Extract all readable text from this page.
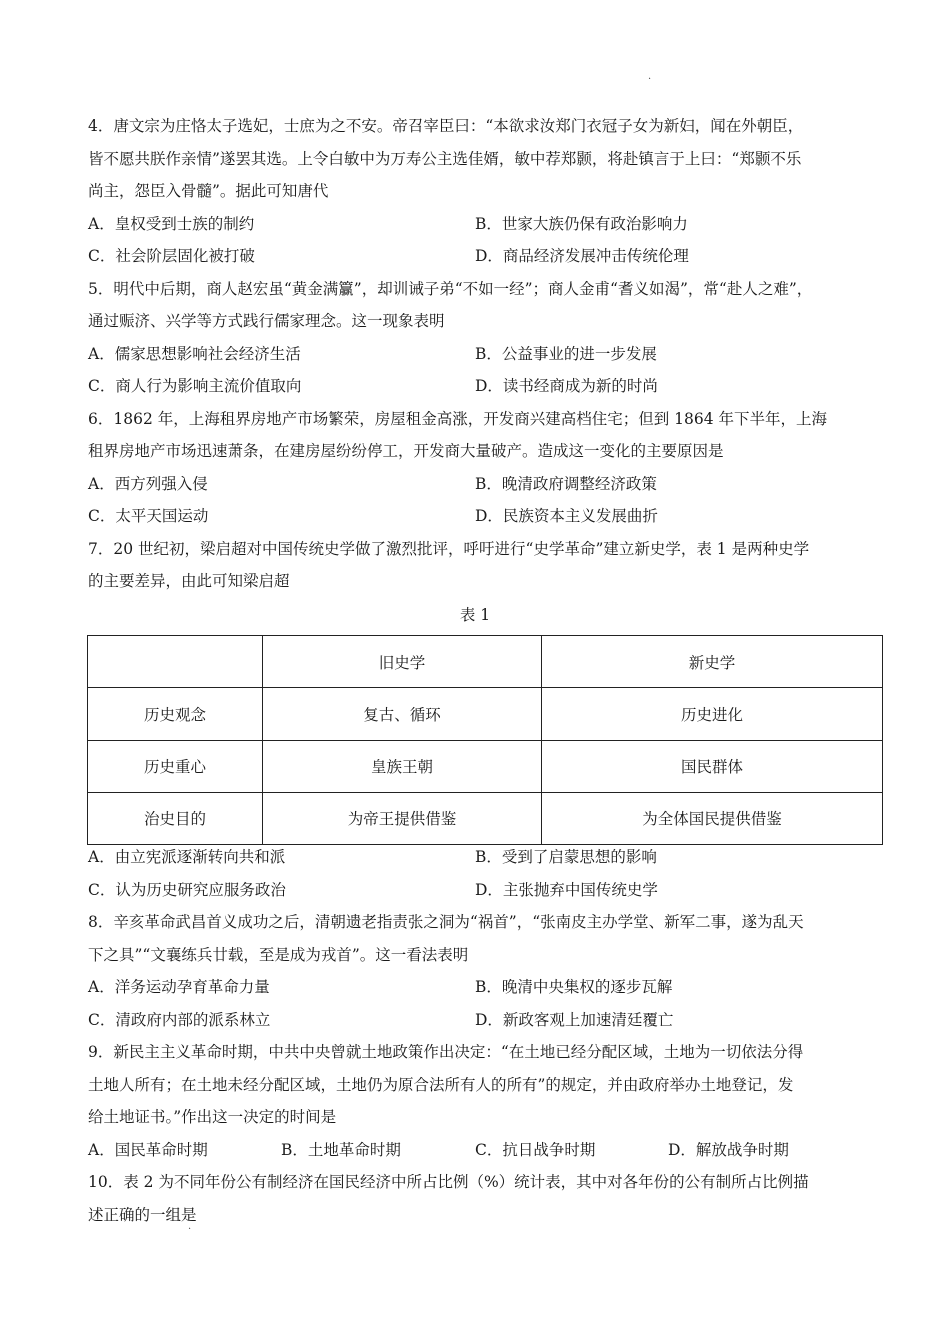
·
4．唐文宗为庄恪太子选妃，士庶为之不安。帝召宰臣曰：“本欲求汝郑门衣冠子女为新妇，闻在外朝臣，
皆不愿共朕作亲情”遂罢其选。上令白敏中为万寿公主选佳婿，敏中荐郑颢，将赴镇言于上曰：“郑颢不乐
尚主，怨臣入骨髓”。据此可知唐代
A．皇权受到士族的制约	B．世家大族仍保有政治影响力
C．社会阶层固化被打破	D．商品经济发展冲击传统伦理
5．明代中后期，商人赵宏虽“黄金满籯”，却训诫子弟“不如一经”；商人金甫“耆义如渴”，常“赴人之难”，
通过赈济、兴学等方式践行儒家理念。这一现象表明
A．儒家思想影响社会经济生活	B．公益事业的进一步发展
C．商人行为影响主流价值取向	D．读书经商成为新的时尚
6．1862 年，上海租界房地产市场繁荣，房屋租金高涨，开发商兴建高档住宅；但到 1864 年下半年，上海
租界房地产市场迅速萧条，在建房屋纷纷停工，开发商大量破产。造成这一变化的主要原因是
A．西方列强入侵	B．晚清政府调整经济政策
C．太平天国运动	D．民族资本主义发展曲折
7．20 世纪初，梁启超对中国传统史学做了激烈批评，呼吁进行“史学革命”建立新史学，表 1 是两种史学
的主要差异，由此可知梁启超
表 1
	旧史学	新史学
历史观念	复古、循环	历史进化
历史重心	皇族王朝	国民群体
治史目的	为帝王提供借鉴	为全体国民提供借鉴
A．由立宪派逐渐转向共和派	B．受到了启蒙思想的影响
C．认为历史研究应服务政治	D．主张抛弃中国传统史学
8．辛亥革命武昌首义成功之后，清朝遗老指责张之洞为“祸首”，“张南皮主办学堂、新军二事，遂为乱天
下之具”“文襄练兵廿载，至是成为戎首”。这一看法表明
A．洋务运动孕育革命力量	B．晚清中央集权的逐步瓦解
C．清政府内部的派系林立	D．新政客观上加速清廷覆亡
9．新民主主义革命时期，中共中央曾就土地政策作出决定：“在土地已经分配区域，土地为一切依法分得
土地人所有；在土地未经分配区域，土地仍为原合法所有人的所有”的规定，并由政府举办土地登记，发
给土地证书。”作出这一决定的时间是
A．国民革命时期	B．土地革命时期	C．抗日战争时期	D．解放战争时期
10．表 2 为不同年份公有制经济在国民经济中所占比例（%）统计表，其中对各年份的公有制所占比例描
述正确的一组是
·
